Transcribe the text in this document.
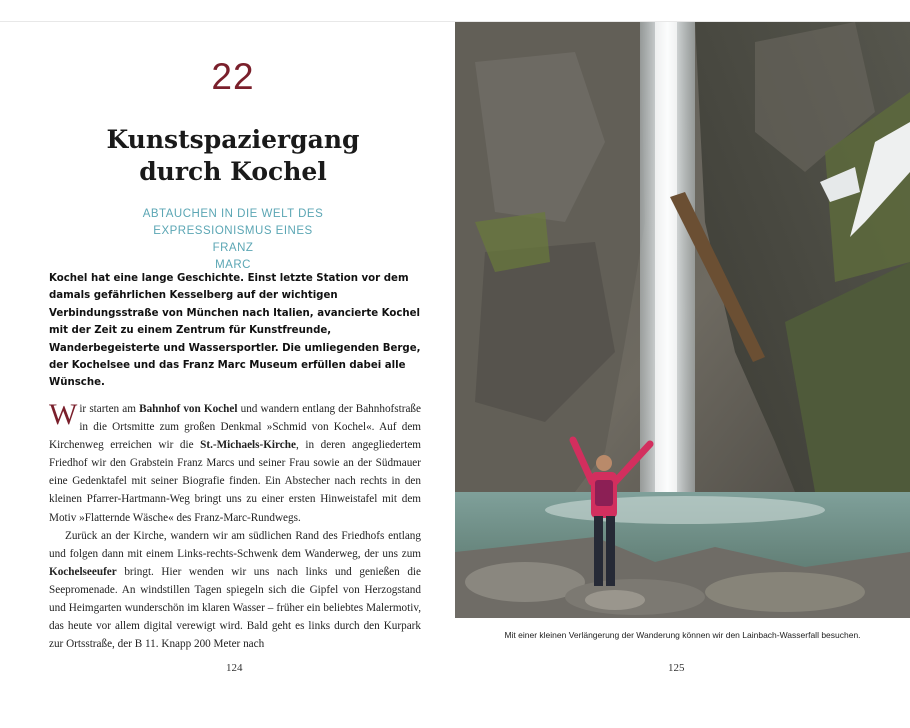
22
Kunstspaziergang
durch Kochel
ABTAUCHEN IN DIE WELT DES
EXPRESSIONISMUS EINES FRANZ
MARC

Kochel hat eine lange Geschichte. Einst letzte Station vor dem damals gefährlichen Kesselberg auf der wichtigen Verbindungsstraße von München nach Italien, avancierte Kochel mit der Zeit zu einem Zentrum für Kunstfreunde, Wanderbegeisterte und Wassersportler. Die umliegenden Berge, der Kochelsee und das Franz Marc Museum erfüllen dabei alle Wünsche.

Wir starten am Bahnhof von Kochel und wandern entlang der Bahnhofstraße in die Ortsmitte zum großen Denkmal »Schmid von Kochel«. Auf dem Kirchenweg erreichen wir die St.-Michaels-Kirche, in deren angegliedertem Friedhof wir den Grabstein Franz Marcs und seiner Frau sowie an der Südmauer eine Gedenktafel mit seiner Biografie finden. Ein Abstecher nach rechts in den kleinen Pfarrer-Hartmann-Weg bringt uns zu einer ersten Hinweistafel mit dem Motiv »Flatternde Wäsche« des Franz-Marc-Rundwegs.

Zurück an der Kirche, wandern wir am südlichen Rand des Friedhofs entlang und folgen dann mit einem Links-rechts-Schwenk dem Wanderweg, der uns zum Kochelseeufer bringt. Hier wenden wir uns nach links und genießen die Seepromenade. An windstillen Tagen spiegeln sich die Gipfel von Herzogstand und Heimgarten wunderschön im klaren Wasser – früher ein beliebtes Malermotiv, das heute vor allem digital verewigt wird. Bald geht es links durch den Kurpark zur Ortsstraße, der B 11. Knapp 200 Meter nach

124
Mit einer kleinen Verlängerung der Wanderung können wir den Lainbach-Wasserfall besuchen.
125
